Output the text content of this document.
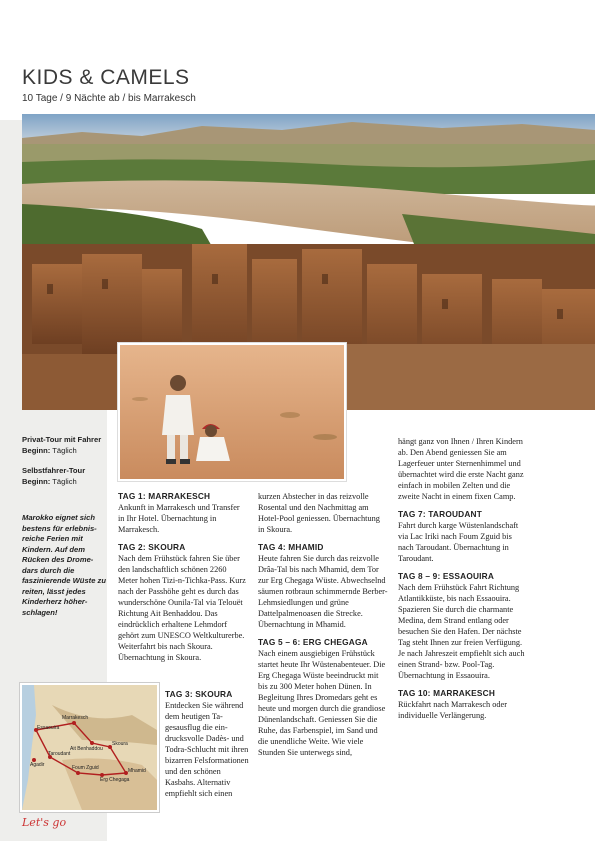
KIDS & CAMELS
10 Tage / 9 Nächte ab / bis Marrakesch
Essaouira
Marrakesch
Ait Benhaddou
Skoura
Taroudant
Agadir	Foum Zguid	Mhamid
Erg Chegaga

Privat-Tour mit Fahrer
Beginn: Täglich

Selbstfahrer-Tour
Beginn: Täglich

Marokko eignet sich bestens für erlebnisreiche Ferien mit Kindern. Auf dem Rücken des Dromedars durch die faszinierende Wüste zu reiten, lässt jedes Kinderherz höherschlagen!
Let's go
TAG 1: MARRAKESCH

Ankunft in Marrakesch und Transfer in Ihr Hotel. Übernachtung in Marrakesch.

TAG 2: SKOURA

Nach dem Frühstück fahren Sie über den landschaftlich schönen 2260 Meter hohen Tizi-n-Tichka-Pass. Kurz nach der Passhöhe geht es durch das wunderschöne Ounila-Tal via Telouët Richtung Ait Benhaddou. Das eindrücklich erhaltene Lehmdorf gehört zum UNESCO Weltkulturerbe. Weiterfahrt bis nach Skoura. Übernachtung in Skoura.

TAG 3: SKOURA

Entdecken Sie während dem heutigen Tagesausflug die eindrucksvolle Dadès- und Todra-Schlucht mit ihren bizarren Felsformationen und den schönen Kasbahs. Alternativ empfiehlt sich einen

kurzen Abstecher in das reizvolle Rosental und den Nachmittag am Hotel-Pool geniessen. Übernachtung in Skoura.

TAG 4: MHAMID

Heute fahren Sie durch das reizvolle Drâa-Tal bis nach Mhamid, dem Tor zur Erg Chegaga Wüste. Abwechselnd säumen rotbraun schimmernde Berber-Lehmsiedlungen und grüne Dattelpalmenoasen die Strecke. Übernachtung in Mhamid.

TAG 5 – 6: ERG CHEGAGA

Nach einem ausgiebigen Frühstück startet heute Ihr Wüstenabenteuer. Die Erg Chegaga Wüste beeindruckt mit bis zu 300 Meter hohen Dünen. In Begleitung Ihres Dromedars geht es heute und morgen durch die grandiose Dünenlandschaft. Geniessen Sie die Ruhe, das Farbenspiel, im Sand und die unendliche Weite. Wie viele Stunden Sie unterwegs sind,

hängt ganz von Ihnen / Ihren Kindern ab. Den Abend geniessen Sie am Lagerfeuer unter Sternenhimmel und übernachtet wird die erste Nacht ganz einfach in mobilen Zelten und die zweite Nacht in einem fixen Camp.

TAG 7: TAROUDANT

Fahrt durch karge Wüstenlandschaft via Lac Iriki nach Foum Zguid bis nach Taroudant. Übernachtung in Taroudant.

TAG 8 – 9: ESSAOUIRA

Nach dem Frühstück Fahrt Richtung Atlantikküste, bis nach Essaouira. Spazieren Sie durch die charmante Medina, dem Strand entlang oder besuchen Sie den Hafen. Der nächste Tag steht Ihnen zur freien Verfügung. Je nach Jahreszeit empfiehlt sich auch einen Strand- bzw. Pool-Tag. Übernachtung in Essaouira.

TAG 10: MARRAKESCH

Rückfahrt nach Marrakesch oder individuelle Verlängerung.
